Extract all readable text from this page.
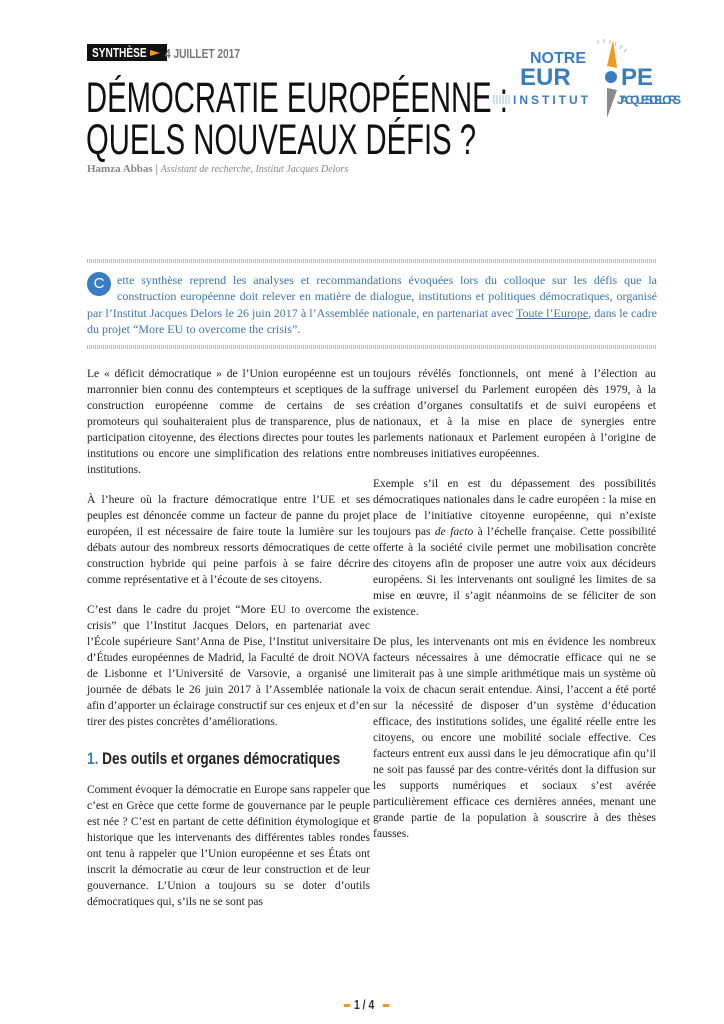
SYNTHÈSE	4 JUILLET 2017
DÉMOCRATIE EUROPÉENNE :
QUELS NOUVEAUX DÉFIS ?
Hamza Abbas | Assistant de recherche, Institut Jacques Delors
NOTRE
EUR PE
INSTITUT JACQUES DELORS
C	ette synthèse reprend les analyses et recommandations évoquées lors du colloque sur les défis que la construction européenne doit relever en matière de dialogue, institutions et politiques démocratiques, organisé par l’Institut Jacques Delors le 26 juin 2017 à l’Assemblée nationale, en partenariat avec Toute l’Europe, dans le cadre du projet “More EU to overcome the crisis”.

Le « déficit démocratique » de l’Union européenne est un marronnier bien connu des contempteurs et sceptiques de la construction européenne comme de certains de ses promoteurs qui souhaiteraient plus de transparence, plus de participation citoyenne, des élections directes pour toutes les institutions ou encore une simplification des relations entre institutions.

À l’heure où la fracture démocratique entre l’UE et ses peuples est dénoncée comme un facteur de panne du projet européen, il est nécessaire de faire toute la lumière sur les débats autour des nombreux ressorts démocratiques de cette construction hybride qui peine parfois à se faire décrire comme représentative et à l’écoute de ses citoyens.

C’est dans le cadre du projet “More EU to overcome the crisis” que l’Institut Jacques Delors, en partenariat avec l’École supérieure Sant’Anna de Pise, l’Institut universitaire d’Études européennes de Madrid, la Faculté de droit NOVA de Lisbonne et l’Université de Varsovie, a organisé une journée de débats le 26 juin 2017 à l’Assemblée nationale afin d’apporter un éclairage constructif sur ces enjeux et d’en tirer des pistes concrètes d’améliorations.

1. Des outils et organes démocratiques

Comment évoquer la démocratie en Europe sans rappeler que c’est en Grèce que cette forme de gouvernance par le peuple est née ? C’est en partant de cette définition étymologique et historique que les intervenants des différentes tables rondes ont tenu à rappeler que l’Union européenne et ses États ont inscrit la démocratie au cœur de leur construction et de leur gouvernance. L’Union a toujours su se doter d’outils démocratiques qui, s’ils ne se sont pas

toujours révélés fonctionnels, ont mené à l’élection au suffrage universel du Parlement européen dès 1979, à la création d’organes consultatifs et de suivi européens et nationaux, et à la mise en place de synergies entre parlements nationaux et Parlement européen à l’origine de nombreuses initiatives européennes.

Exemple s’il en est du dépassement des possibilités démocratiques nationales dans le cadre européen : la mise en place de l’initiative citoyenne européenne, qui n’existe toujours pas de facto à l’échelle française. Cette possibilité offerte à la société civile permet une mobilisation concrète des citoyens afin de proposer une autre voix aux décideurs européens. Si les intervenants ont souligné les limites de sa mise en œuvre, il s’agit néanmoins de se féliciter de son existence.

De plus, les intervenants ont mis en évidence les nombreux facteurs nécessaires à une démocratie efficace qui ne se limiterait pas à une simple arithmétique mais un système où la voix de chacun serait entendue. Ainsi, l’accent a été porté sur la nécessité de disposer d’un système d’éducation efficace, des institutions solides, une égalité réelle entre les citoyens, ou encore une mobilité sociale effective. Ces facteurs entrent eux aussi dans le jeu démocratique afin qu’il ne soit pas faussé par des contre-vérités dont la diffusion sur les supports numériques et sociaux s’est avérée particulièrement efficace ces dernières années, menant une grande partie de la population à souscrire à des thèses fausses.

1 / 4
